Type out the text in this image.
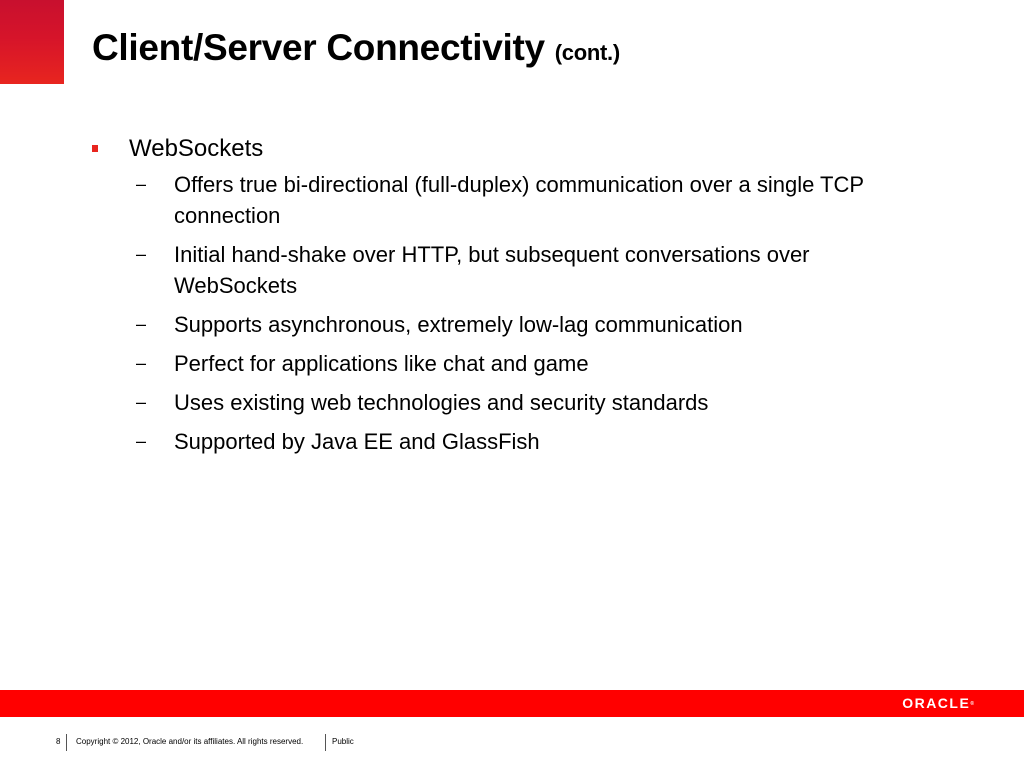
Client/Server Connectivity (cont.)
WebSockets
– Offers true bi-directional (full-duplex) communication over a single TCP connection
– Initial hand-shake over HTTP, but subsequent conversations over WebSockets
– Supports asynchronous, extremely low-lag communication
– Perfect for applications like chat and game
– Uses existing web technologies and security standards
– Supported by Java EE and GlassFish
ORACLE®
8 Copyright © 2012, Oracle and/or its affiliates. All rights reserved.	Public
